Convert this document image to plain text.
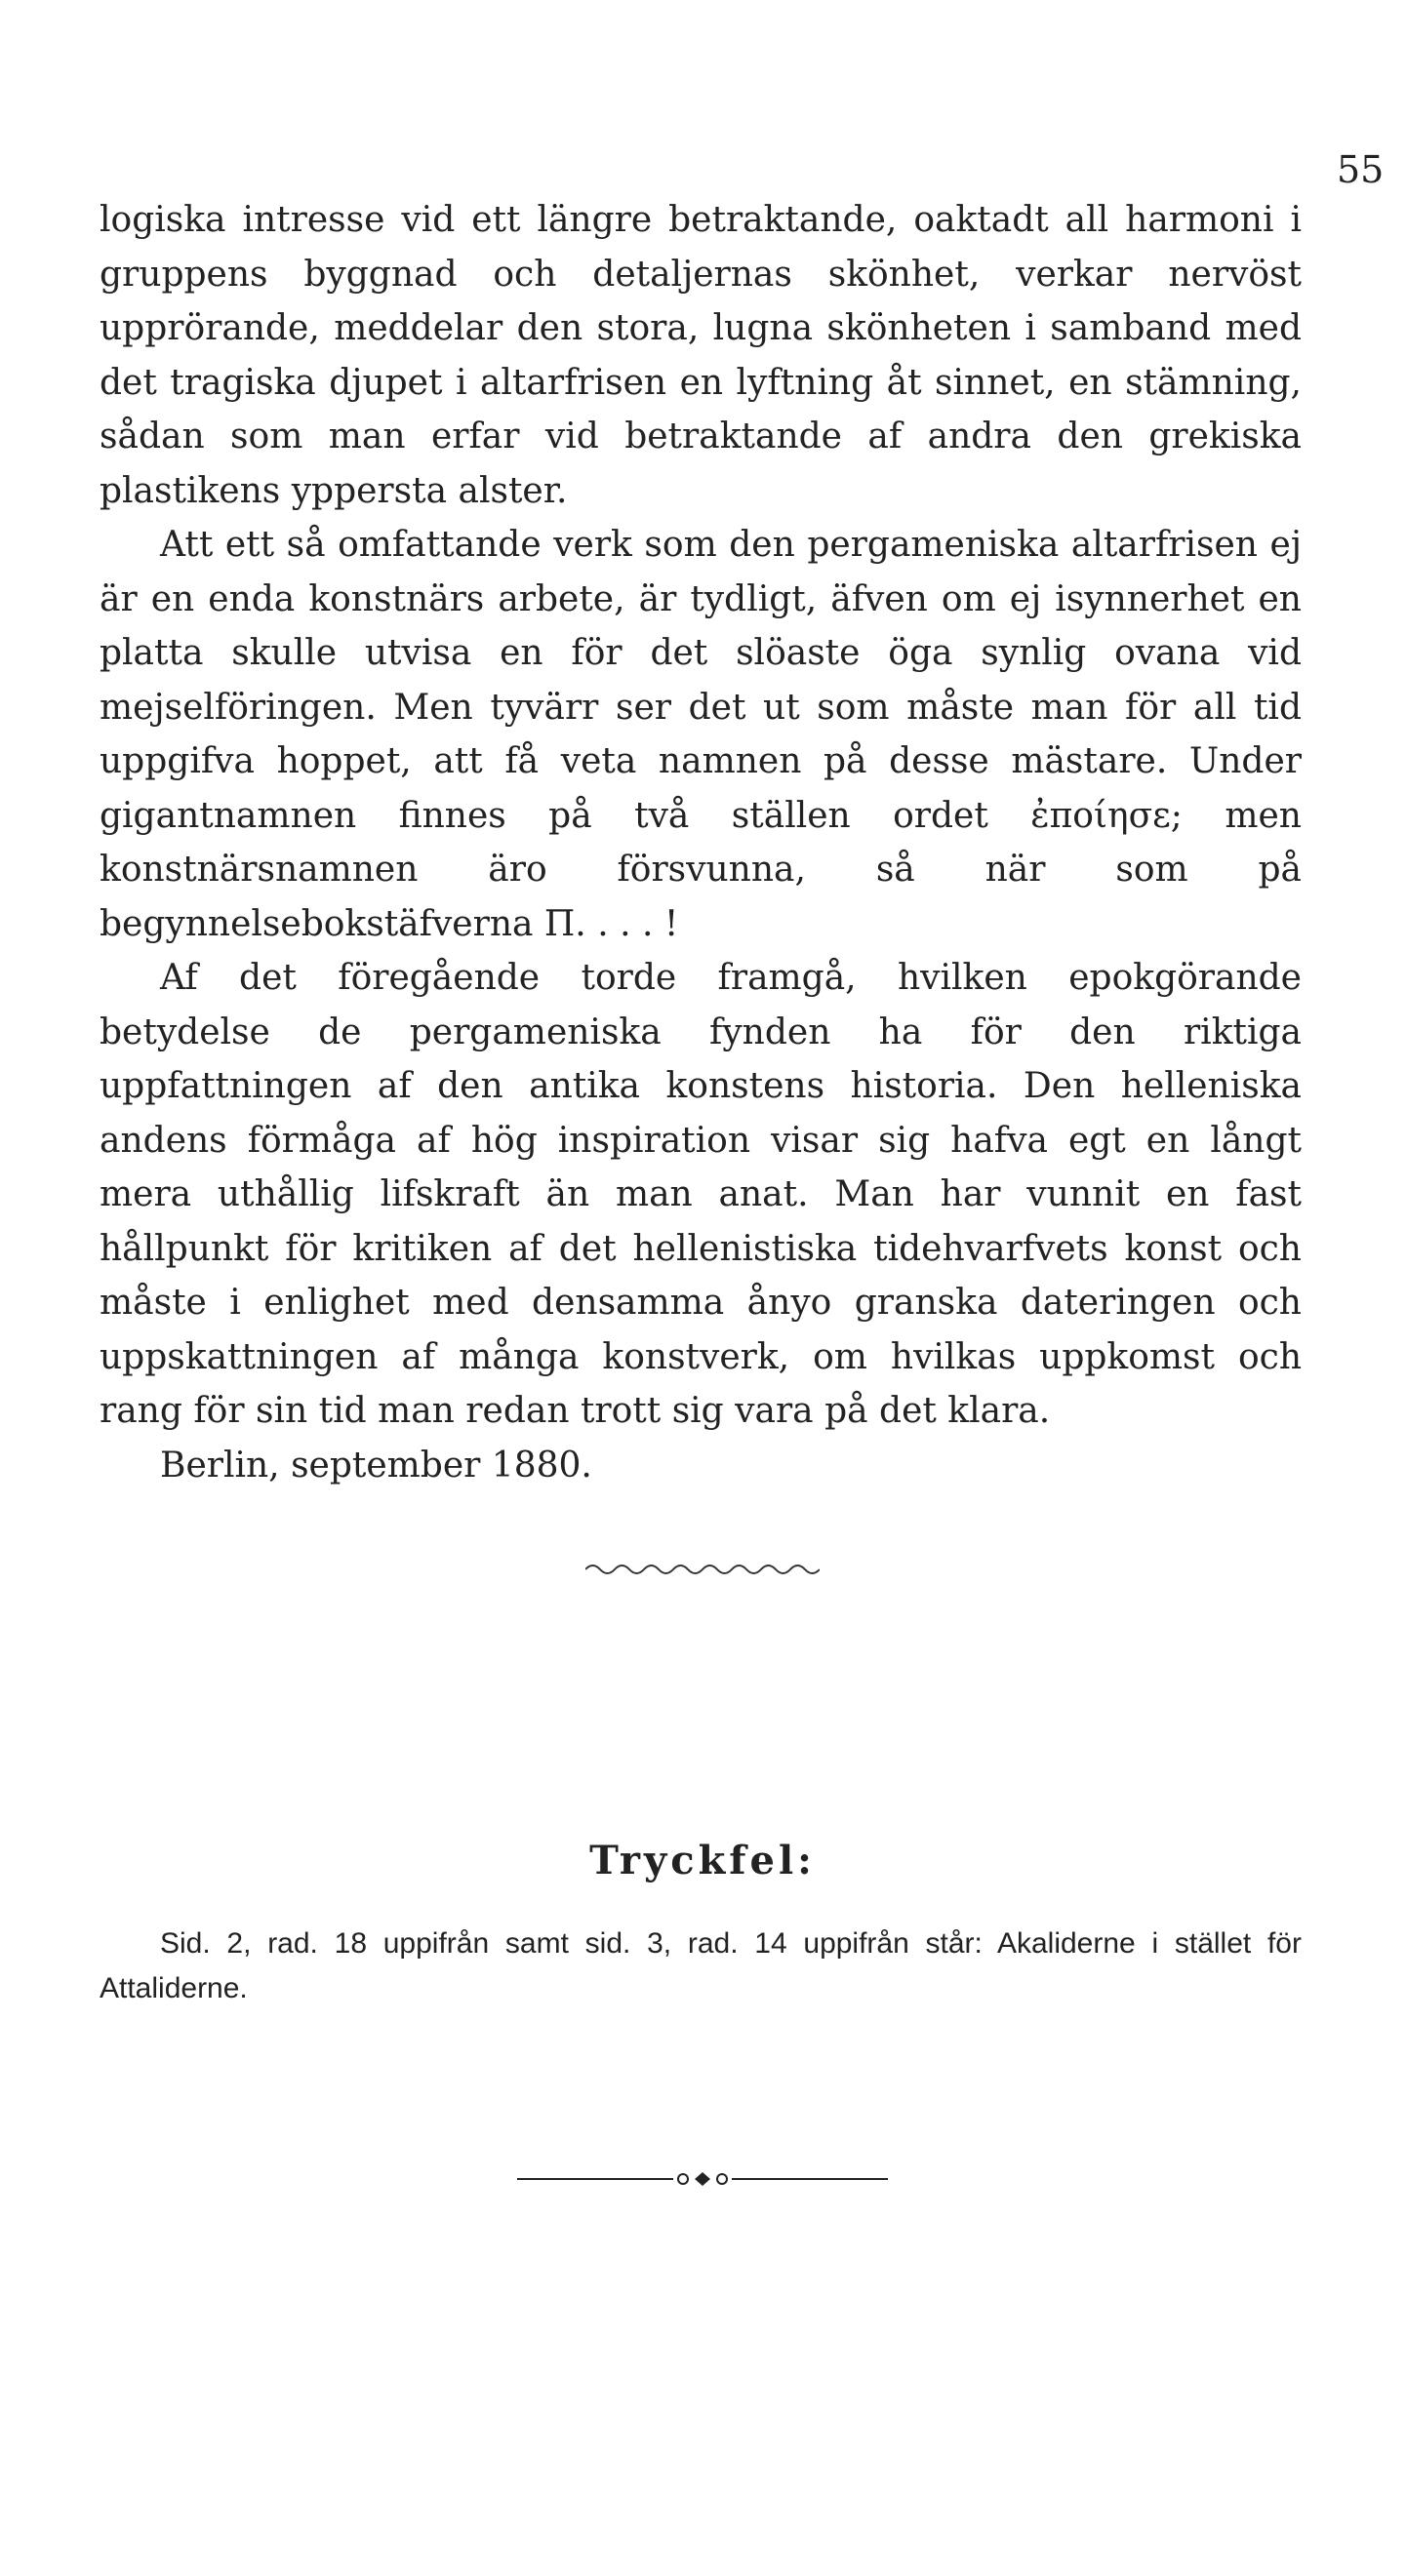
55

logiska intresse vid ett längre betraktande, oaktadt all harmoni i gruppens byggnad och detaljernas skönhet, verkar nervöst upprörande, meddelar den stora, lugna skönheten i samband med det tragiska djupet i altarfrisen en lyftning åt sinnet, en stämning, sådan som man erfar vid betraktande af andra den grekiska plastikens yppersta alster.

Att ett så omfattande verk som den pergameniska altarfrisen ej är en enda konstnärs arbete, är tydligt, äfven om ej isynnerhet en platta skulle utvisa en för det slöaste öga synlig ovana vid mejselföringen. Men tyvärr ser det ut som måste man för all tid uppgifva hoppet, att få veta namnen på desse mästare. Under gigantnamnen finnes på två ställen ordet ἐποίησε; men konstnärsnamnen äro försvunna, så när som på begynnelsebokstäfverna Π. . . . !

Af det föregående torde framgå, hvilken epokgörande betydelse de pergameniska fynden ha för den riktiga uppfattningen af den antika konstens historia. Den helleniska andens förmåga af hög inspiration visar sig hafva egt en långt mera uthållig lifskraft än man anat. Man har vunnit en fast hållpunkt för kritiken af det hellenistiska tidehvarfvets konst och måste i enlighet med densamma ånyo granska dateringen och uppskattningen af många konstverk, om hvilkas uppkomst och rang för sin tid man redan trott sig vara på det klara.

Berlin, september 1880.

Tryckfel:

Sid. 2, rad. 18 uppifrån samt sid. 3, rad. 14 uppifrån står: Akaliderne i stället för Attaliderne.
